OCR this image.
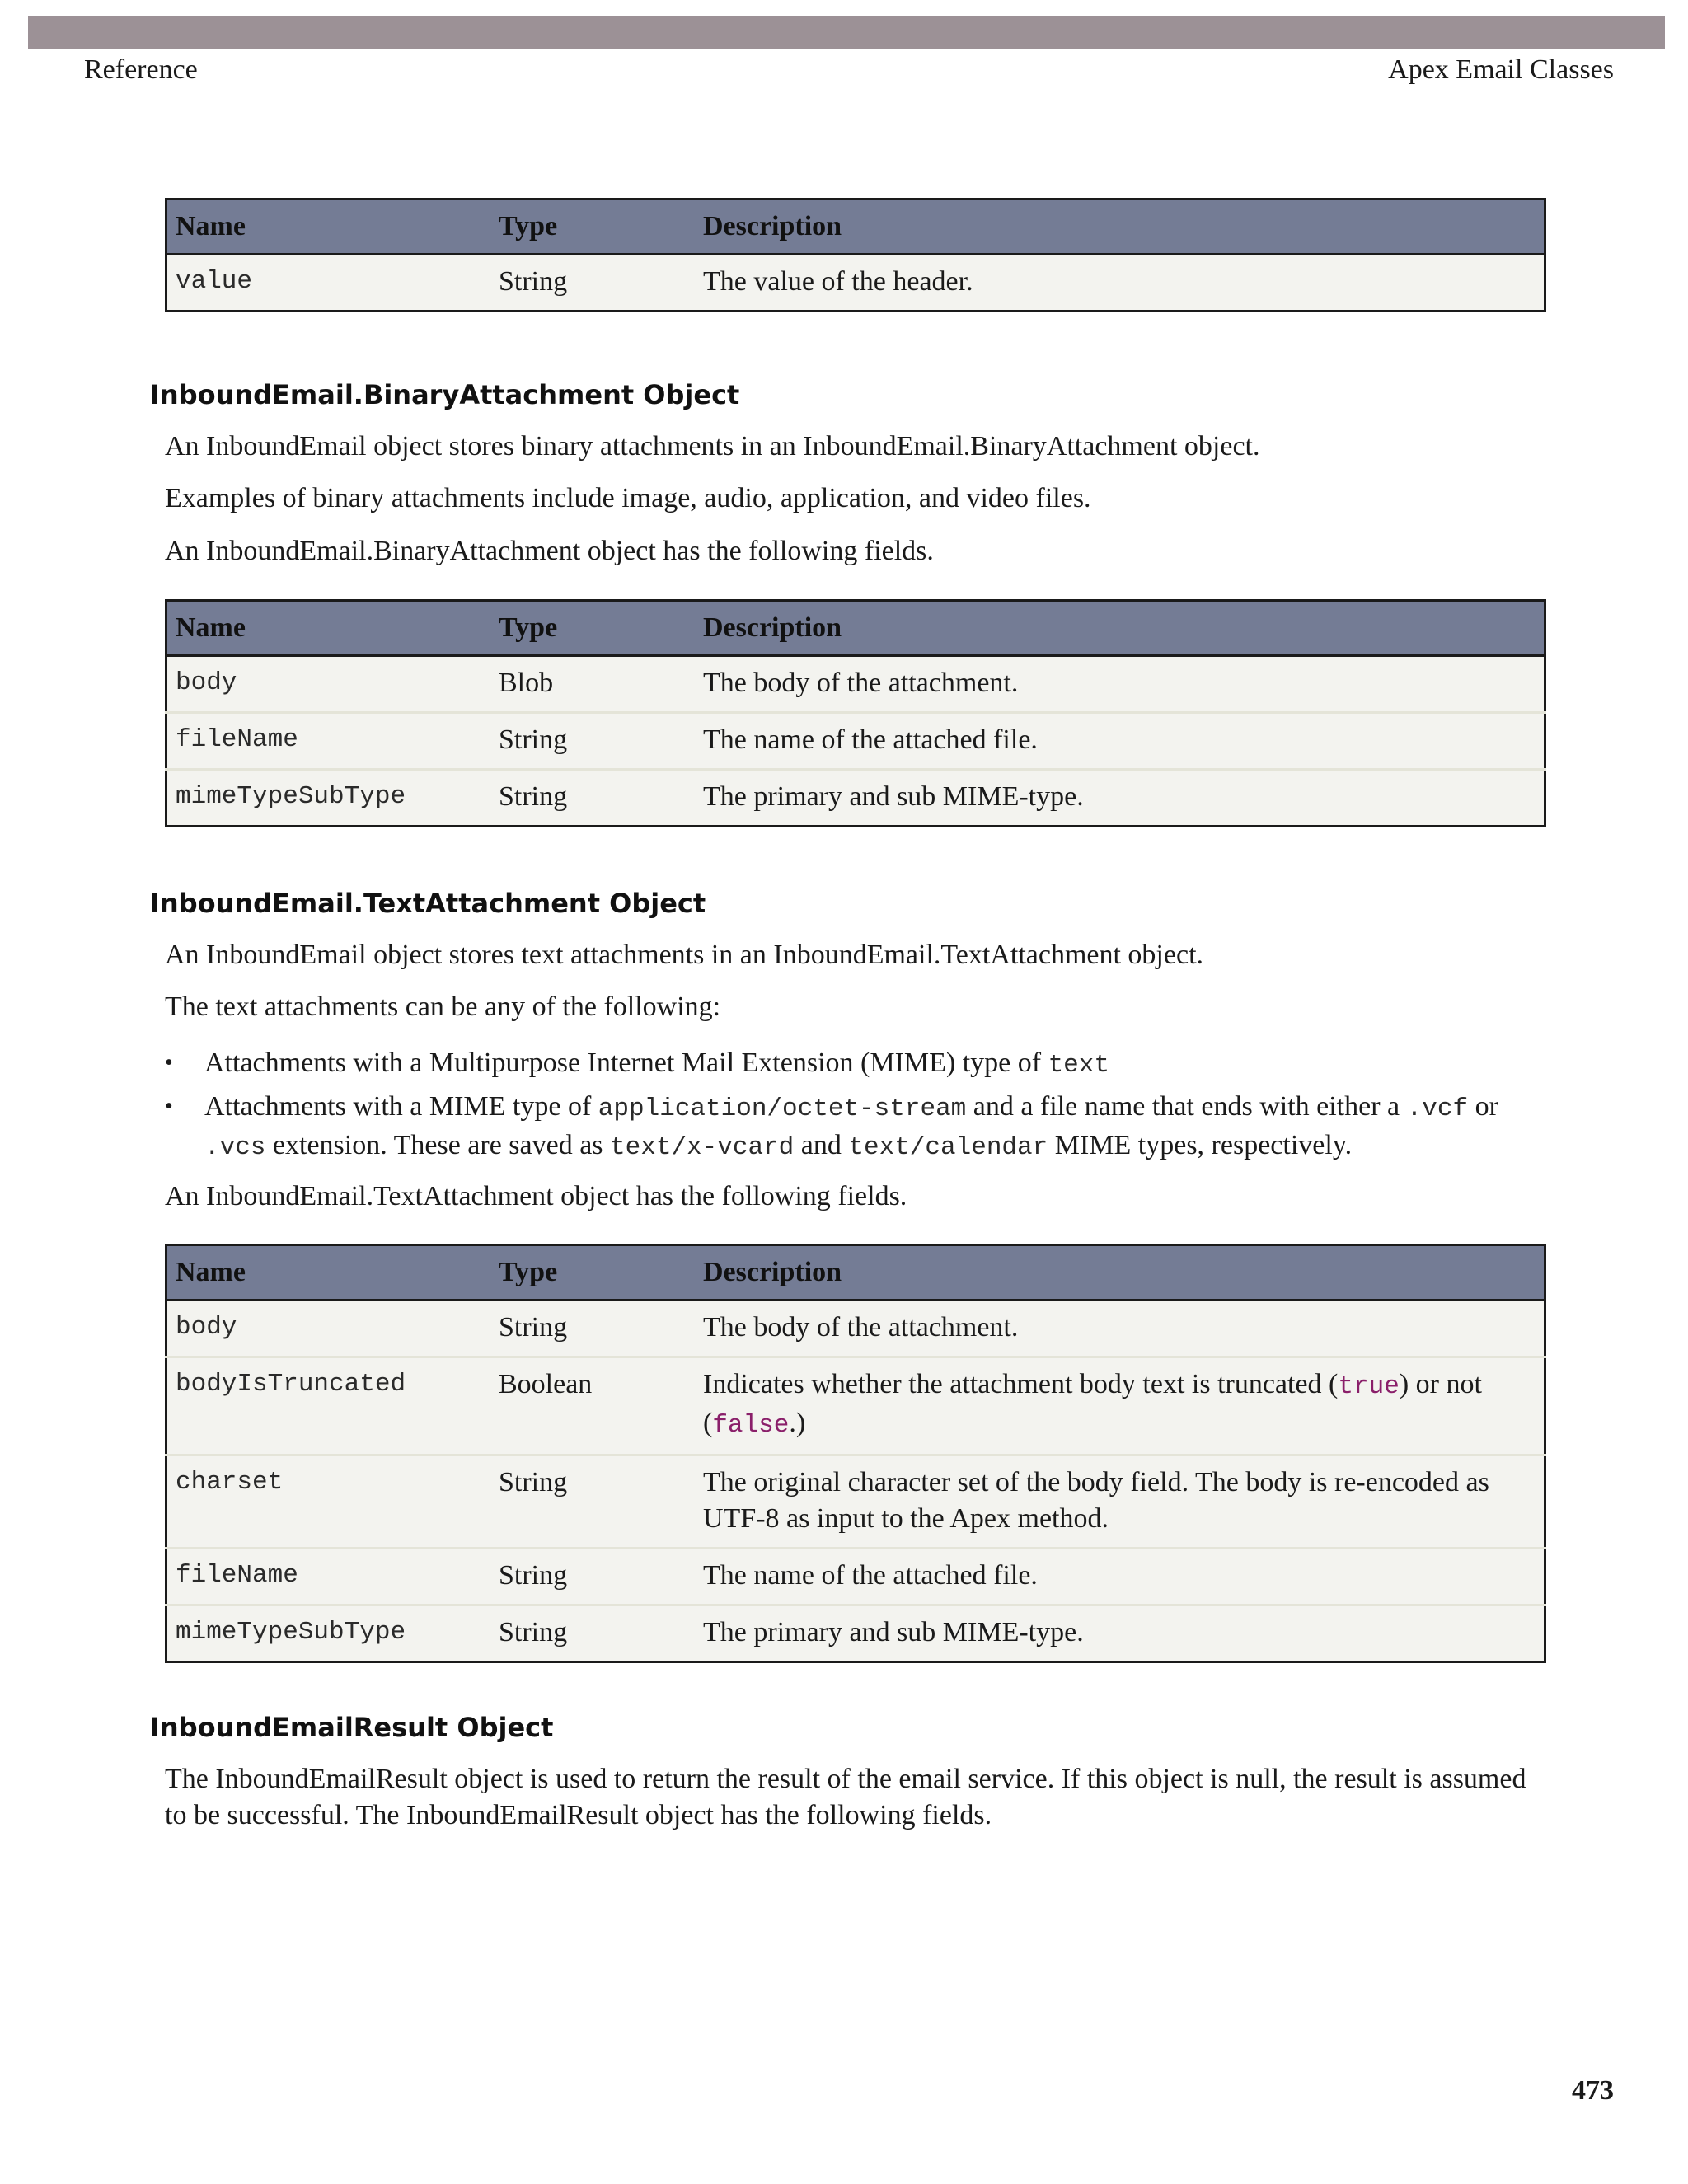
Reference	Apex Email Classes
Name	Type	Description
value	String	The value of the header.
InboundEmail.BinaryAttachment Object

An InboundEmail object stores binary attachments in an InboundEmail.BinaryAttachment object.

Examples of binary attachments include image, audio, application, and video files.

An InboundEmail.BinaryAttachment object has the following fields.

Name	Type	Description
body	Blob	The body of the attachment.
fileName	String	The name of the attached file.
mimeTypeSubType	String	The primary and sub MIME-type.
InboundEmail.TextAttachment Object

An InboundEmail object stores text attachments in an InboundEmail.TextAttachment object.

The text attachments can be any of the following:

• Attachments with a Multipurpose Internet Mail Extension (MIME) type of text
• Attachments with a MIME type of application/octet-stream and a file name that ends with either a .vcf or .vcs extension. These are saved as text/x-vcard and text/calendar MIME types, respectively.

An InboundEmail.TextAttachment object has the following fields.

Name	Type	Description
body	String	The body of the attachment.
bodyIsTruncated	Boolean	Indicates whether the attachment body text is truncated (true) or not (false.)
charset	String	The original character set of the body field. The body is re-encoded as UTF-8 as input to the Apex method.
fileName	String	The name of the attached file.
mimeTypeSubType	String	The primary and sub MIME-type.
InboundEmailResult Object

The InboundEmailResult object is used to return the result of the email service. If this object is null, the result is assumed to be successful. The InboundEmailResult object has the following fields.

473
